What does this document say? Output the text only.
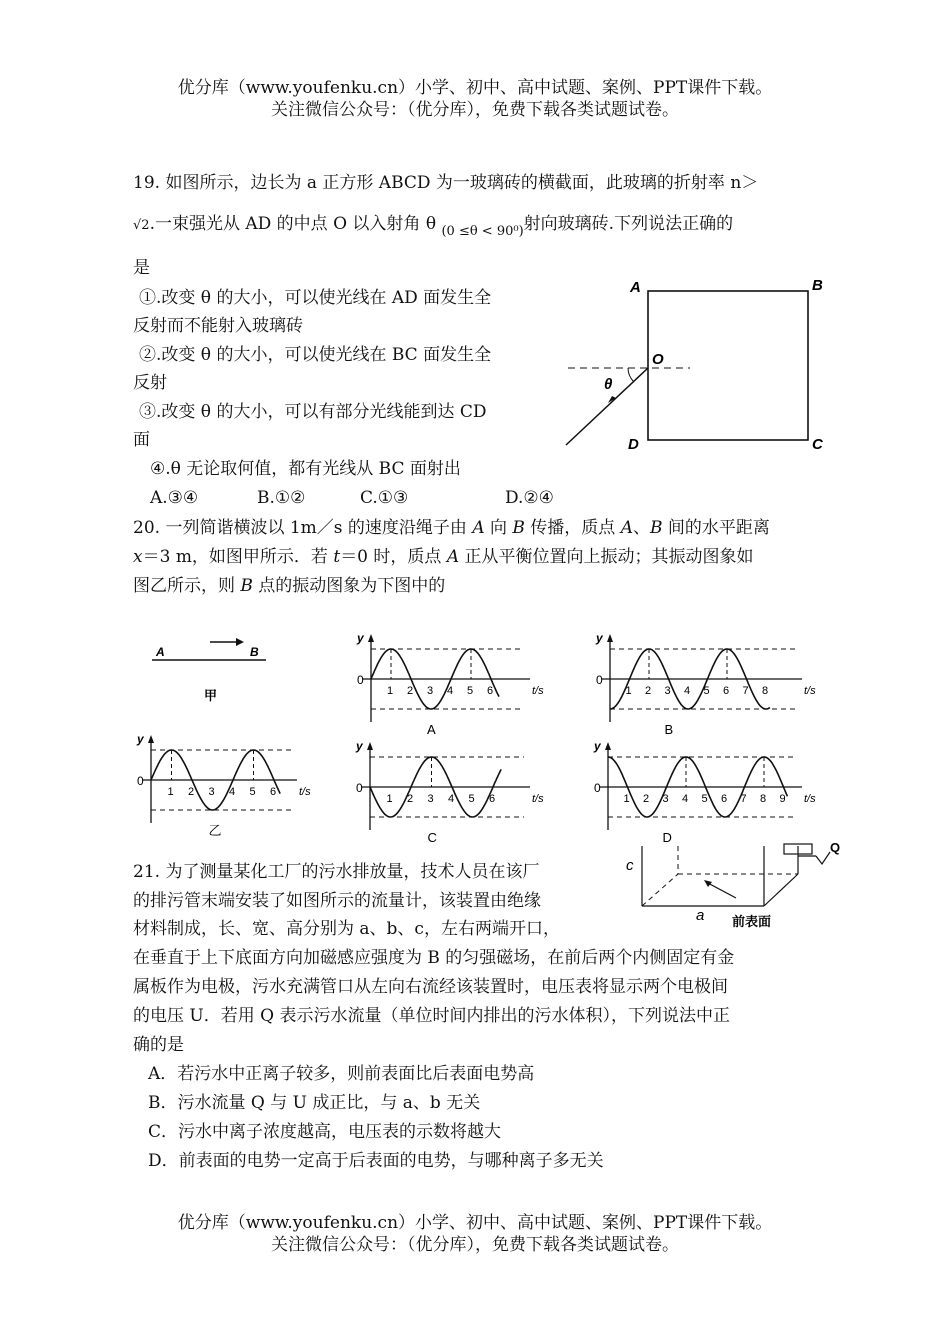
优分库（www.youfenku.cn）小学、初中、高中试题、案例、PPT课件下载。
关注微信公众号：（优分库），免费下载各类试题试卷。
19. 如图所示，边长为 a 正方形 ABCD 为一玻璃砖的横截面，此玻璃的折射率 n＞
√2.一束强光从 AD 的中点 O 以入射角 θ $_{(0 \le\theta < 90^0)}$射向玻璃砖.下列说法正确的
是
①.改变 θ 的大小，可以使光线在 AD 面发生全
反射而不能射入玻璃砖
②.改变 θ 的大小，可以使光线在 BC 面发生全
反射
③.改变 θ 的大小，可以有部分光线能到达 CD
面
④.θ 无论取何值，都有光线从 BC 面射出
A.③④	B.①②	C.①③	D.②④
A	B
O
θ
D	C
20. 一列简谐横波以 1m／s 的速度沿绳子由 A 向 B 传播，质点 A、B 间的水平距离
x＝3 m，如图甲所示．若 t＝0 时，质点 A 正从平衡位置向上振动；其振动图象如
图乙所示，则 B 点的振动图象为下图中的
A	B
甲
1 2 3 4 5 6
y
0
t/s
乙
1 2 3 4 5 6
y
0
t/s
A
1 2 3 4 5 6 7 8
y
0
t/s
B
1 2 3 4 5 6
y
0
t/s
C
1 2 3 4 5 6 7 8 9
y
0
t/s
D
21. 为了测量某化工厂的污水排放量，技术人员在该厂
的排污管末端安装了如图所示的流量计，该装置由绝缘
材料制成，长、宽、高分别为 a、b、c，左右两端开口，
在垂直于上下底面方向加磁感应强度为 B 的匀强磁场，在前后两个内侧固定有金
属板作为电极，污水充满管口从左向右流经该装置时，电压表将显示两个电极间
的电压 U．若用 Q 表示污水流量（单位时间内排出的污水体积），下列说法中正
确的是
A．若污水中正离子较多，则前表面比后表面电势高
B．污水流量 Q 与 U 成正比，与 a、b 无关
C．污水中离子浓度越高，电压表的示数将越大
D．前表面的电势一定高于后表面的电势，与哪种离子多无关
c
a
Q
前表面
优分库（www.youfenku.cn）小学、初中、高中试题、案例、PPT课件下载。
关注微信公众号：（优分库），免费下载各类试题试卷。
